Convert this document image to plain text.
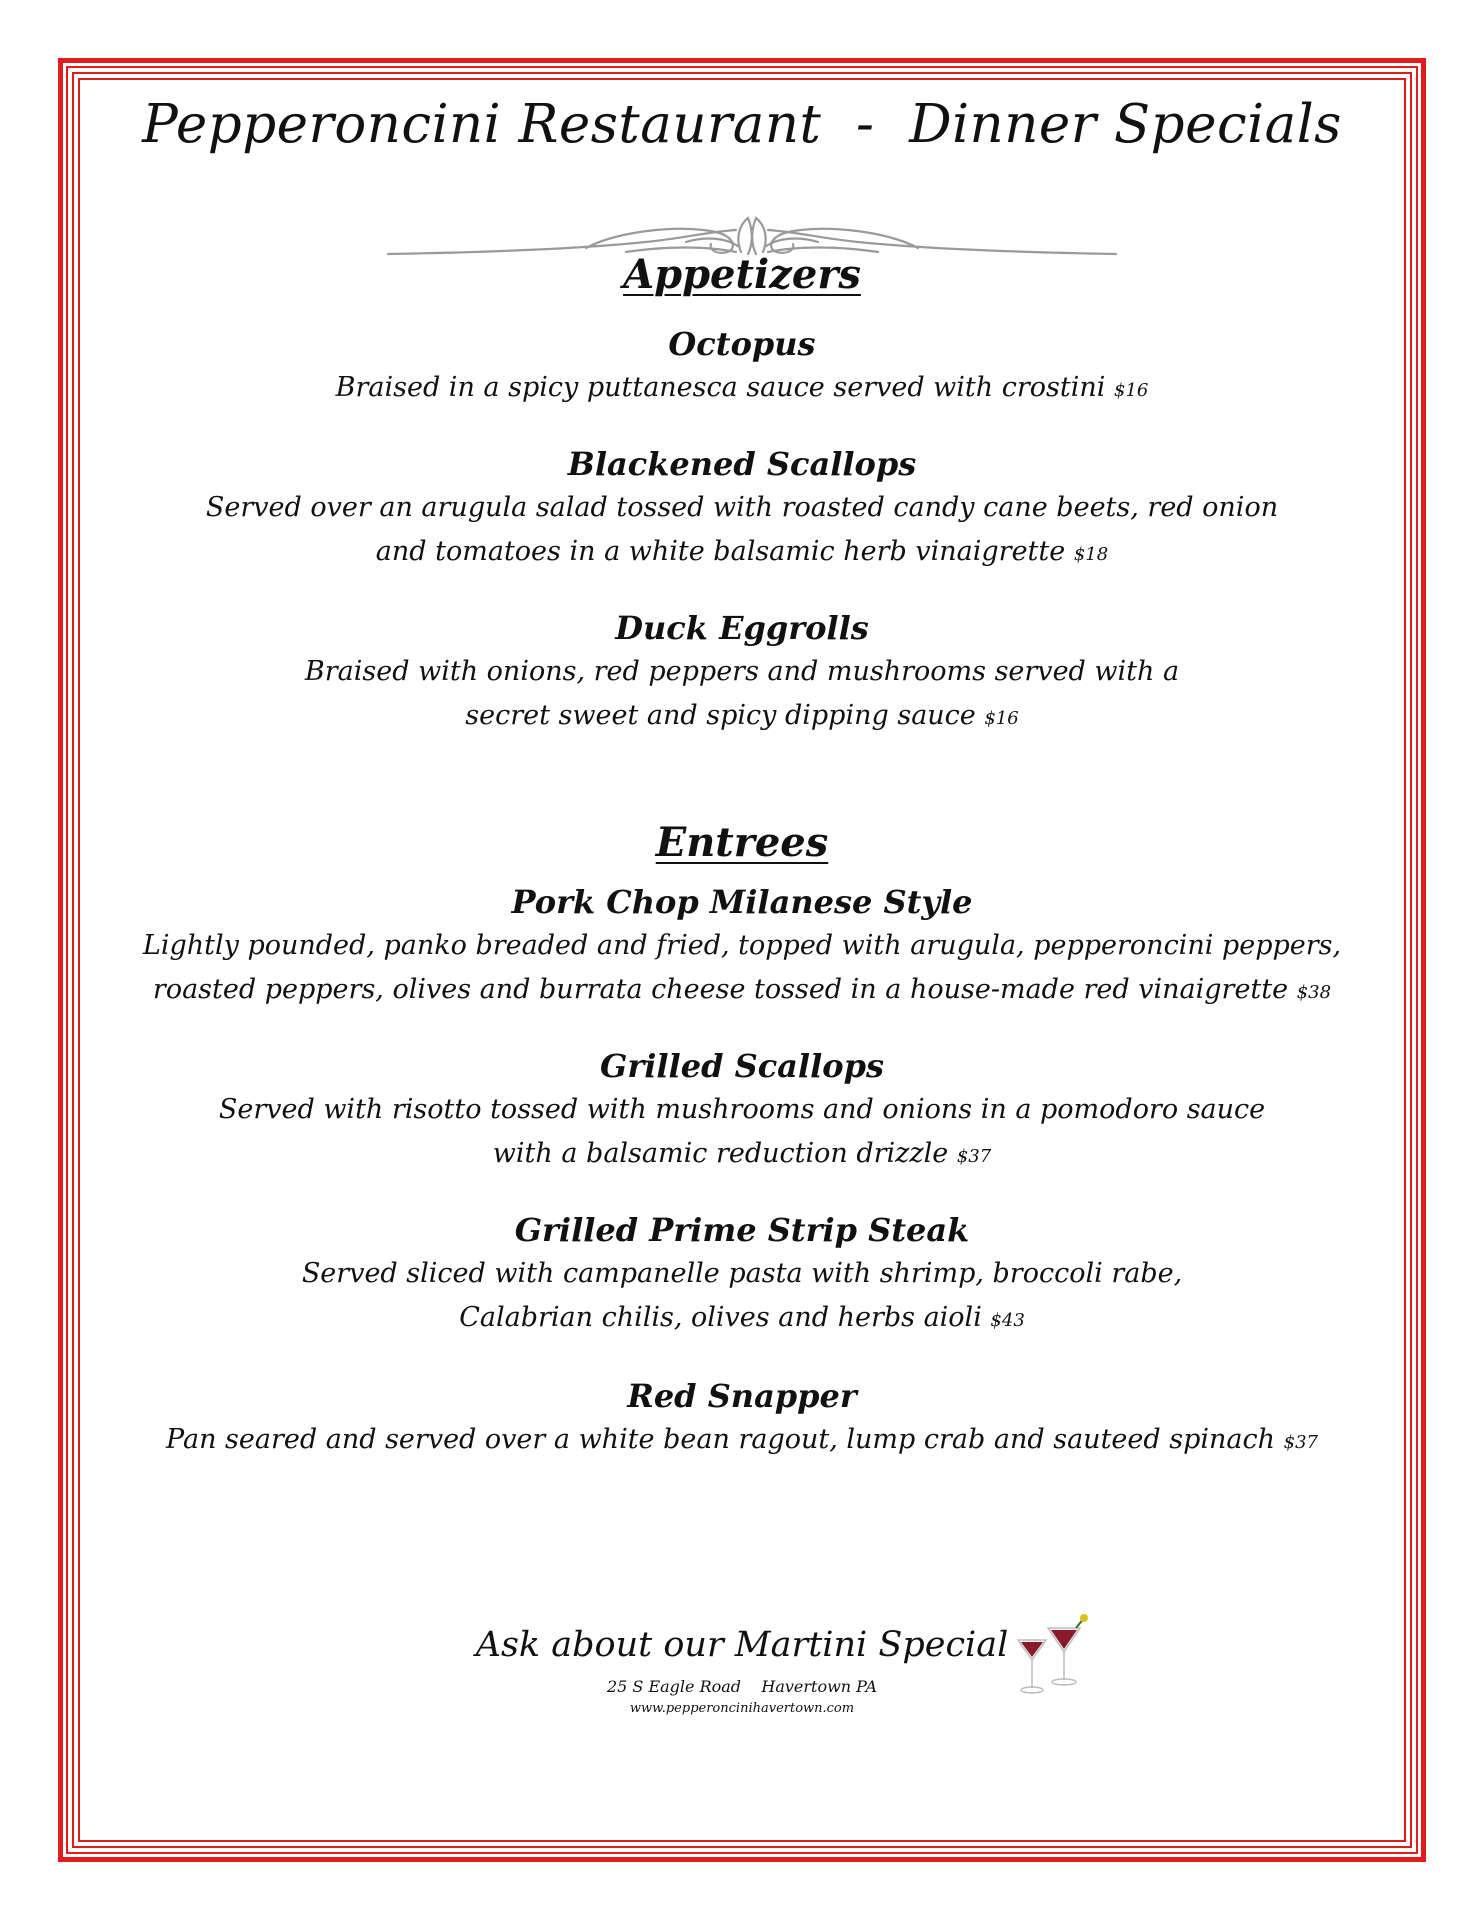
Pepperoncini Restaurant  -  Dinner Specials
Appetizers
Octopus
Braised in a spicy puttanesca sauce served with crostini $16
Blackened Scallops
Served over an arugula salad tossed with roasted candy cane beets, red onion
and tomatoes in a white balsamic herb vinaigrette $18
Duck Eggrolls
Braised with onions, red peppers and mushrooms served with a
secret sweet and spicy dipping sauce $16
Entrees
Pork Chop Milanese Style
Lightly pounded, panko breaded and fried, topped with arugula, pepperoncini peppers,
roasted peppers, olives and burrata cheese tossed in a house-made red vinaigrette $38
Grilled Scallops
Served with risotto tossed with mushrooms and onions in a pomodoro sauce
with a balsamic reduction drizzle $37
Grilled Prime Strip Steak
Served sliced with campanelle pasta with shrimp, broccoli rabe,
Calabrian chilis, olives and herbs aioli $43
Red Snapper
Pan seared and served over a white bean ragout, lump crab and sauteed spinach $37
Ask about our Martini Special
25 S Eagle Road    Havertown PA
www.pepperoncinihavertown.com
